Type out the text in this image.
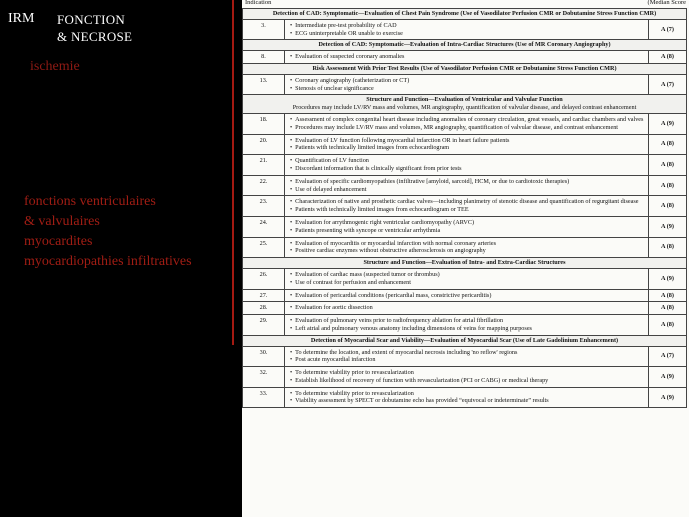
IRM FONCTION
& NECROSE
ischemie
fonctions ventriculaires
& valvulaires
myocardites
myocardiopathies infiltratives
Indication	(Median Score
Detection of CAD: Symptomatic—Evaluation of Chest Pain Syndrome (Use of Vasodilator Perfusion CMR or Dobutamine Stress Function CMR)		
3.	• Intermediate pre-test probability of CAD
• ECG uninterpretable OR unable to exercise	A (7)
Detection of CAD: Symptomatic—Evaluation of Intra-Cardiac Structures (Use of MR Coronary Angiography)		
8.	• Evaluation of suspected coronary anomalies	A (8)
Risk Assessment With Prior Test Results (Use of Vasodilator Perfusion CMR or Dobutamine Stress Function CMR)		
13.	• Coronary angiography (catheterization or CT)
• Stenosis of unclear significance	A (7)
Structure and Function—Evaluation of Ventricular and Valvular Function
Procedures may include LV/RV mass and volumes, MR angiography, quantification of valvular disease, and delayed contrast enhancement		

18.	• Assessment of complex congenital heart disease including anomalies of coronary circulation, great vessels, and cardiac chambers and valves
• Procedures may include LV/RV mass and volumes, MR angiography, quantification of valvular disease, and contrast enhancement	A (9)
20.	• Evaluation of LV function following myocardial infarction OR in heart failure patients
• Patients with technically limited images from echocardiogram	A (8)
21.	• Quantification of LV function
• Discordant information that is clinically significant from prior tests	A (8)
22.	• Evaluation of specific cardiomyopathies (infiltrative [amyloid, sarcoid], HCM, or due to cardiotoxic therapies)
• Use of delayed enhancement	A (8)
23.	• Characterization of native and prosthetic cardiac valves—including planimetry of stenotic disease and quantification of regurgitant disease
• Patients with technically limited images from echocardiogram or TEE	A (8)
24.	• Evaluation for arrythmogenic right ventricular cardiomyopathy (ARVC)
• Patients presenting with syncope or ventricular arrhythmia	A (9)
25.	• Evaluation of myocarditis or myocardial infarction with normal coronary arteries
• Positive cardiac enzymes without obstructive atherosclerosis on angiography	A (8)
Structure and Function—Evaluation of Intra- and Extra-Cardiac Structures		
26.	• Evaluation of cardiac mass (suspected tumor or thrombus)
• Use of contrast for perfusion and enhancement	A (9)
27.	• Evaluation of pericardial conditions (pericardial mass, constrictive pericarditis)	A (8)
28.	• Evaluation for aortic dissection	A (8)
29.	• Evaluation of pulmonary veins prior to radiofrequency ablation for atrial fibrillation
• Left atrial and pulmonary venous anatomy including dimensions of veins for mapping purposes	A (8)
Detection of Myocardial Scar and Viability—Evaluation of Myocardial Scar (Use of Late Gadolinium Enhancement)		
30.	• To determine the location, and extent of myocardial necrosis including 'no reflow' regions
• Post acute myocardial infarction	A (7)
32.	• To determine viability prior to revascularization
• Establish likelihood of recovery of function with revascularization (PCI or CABG) or medical therapy	A (9)
33.	• To determine viability prior to revascularization
• Viability assessment by SPECT or dobutamine echo has provided “equivocal or indeterminate” results	A (9)
